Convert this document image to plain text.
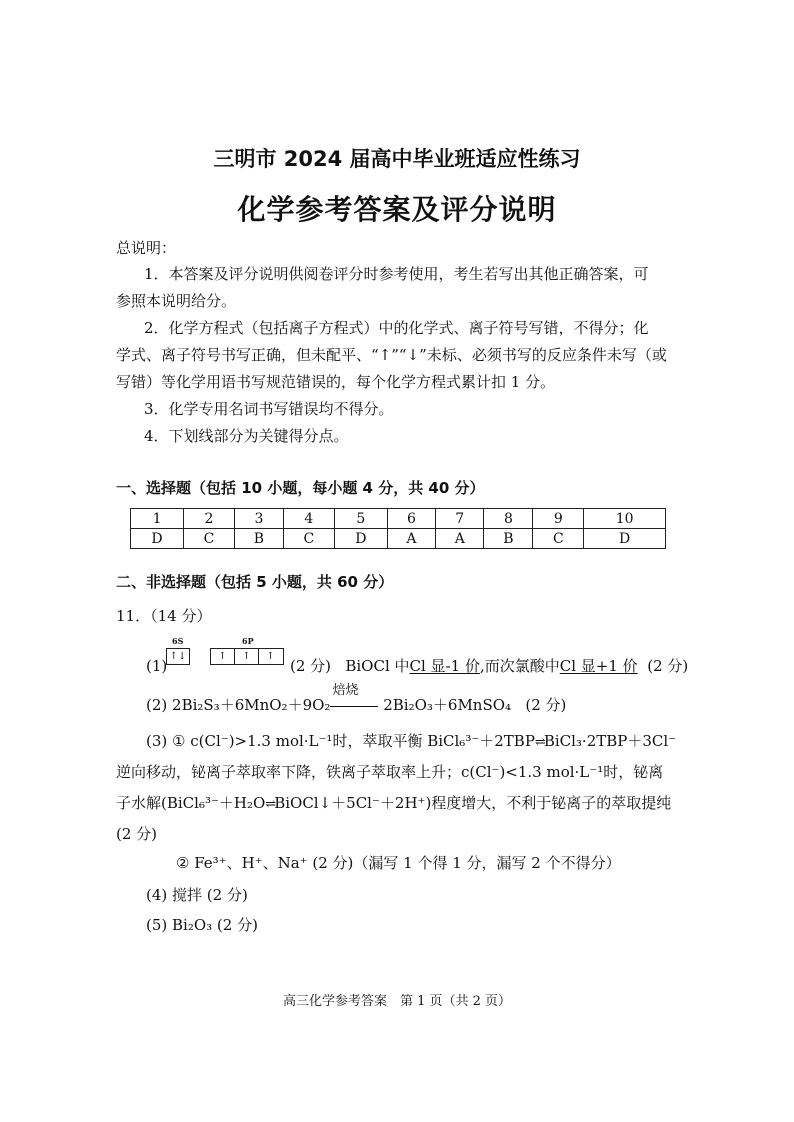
三明市 2024 届高中毕业班适应性练习
化学参考答案及评分说明
总说明：
1．本答案及评分说明供阅卷评分时参考使用，考生若写出其他正确答案，可
参照本说明给分。
2．化学方程式（包括离子方程式）中的化学式、离子符号写错，不得分；化
学式、离子符号书写正确，但未配平、“↑”“↓”未标、必须书写的反应条件未写（或
写错）等化学用语书写规范错误的，每个化学方程式累计扣 1 分。
3．化学专用名词书写错误均不得分。
4．下划线部分为关键得分点。
一、选择题（包括 10 小题，每小题 4 分，共 40 分）
1	2	3	4	5	6	7	8	9	10
D	C	B	C	D	A	A	B	C	D
二、非选择题（包括 5 小题，共 60 分）
11．（14 分）
(1)
6S	6P
↑↓	↑	↑	↑
(2 分) BiOCl 中Cl 显-1 价,而次氯酸中Cl 显+1 价 (2 分)
(2) 2Bi₂S₃＋6MnO₂＋9O₂
焙烧
2Bi₂O₃＋6MnSO₄ (2 分)
(3) ① c(Cl⁻)>1.3 mol·L⁻¹时，萃取平衡 BiCl₆³⁻＋2TBP⇌BiCl₃·2TBP＋3Cl⁻
逆向移动，铋离子萃取率下降，铁离子萃取率上升；c(Cl⁻)<1.3 mol·L⁻¹时，铋离
子水解(BiCl₆³⁻＋H₂O⇌BiOCl↓＋5Cl⁻＋2H⁺)程度增大，不利于铋离子的萃取提纯
(2 分)
② Fe³⁺、H⁺、Na⁺ (2 分)（漏写 1 个得 1 分，漏写 2 个不得分）
(4) 搅拌 (2 分)
(5) Bi₂O₃ (2 分)
高三化学参考答案　第 1 页（共 2 页）
